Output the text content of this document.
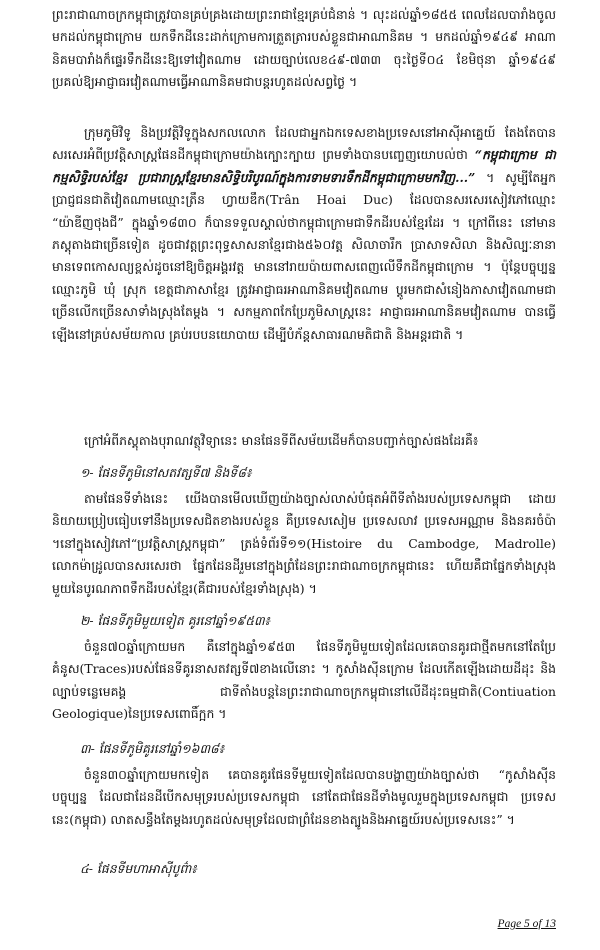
ព្រះរាជាណាចក្រកម្ពុជាត្រូវបានគ្រប់គ្រងដោយព្រះរាជាខ្មែរគ្រប់ជំនាន់ ។ លុះដល់ឆ្នាំ១៨៥៥ ពេលដែលបារាំងចូលមកដល់កម្ពុជាក្រោម យកទឹកដីនេះដាក់ក្រោមការត្រួតត្រារបស់ខ្លួនជាអាណានិគម ។ មកដល់ឆ្នាំ១៩៤៩ អាណានិគមបារាំងក៏ផ្ទេរទឹកដីនេះឱ្យទៅវៀតណាម ដោយច្បាប់លេខ៤៩-៧៣៣ ចុះថ្ងៃទី០៤ ខែមិថុនា ឆ្នាំ១៩៤៩ ប្រគល់ឱ្យអាជ្ញាធរវៀតណាមធ្វើអាណានិគមជាបន្តរហូតដល់សព្វថ្ងៃ ។
ក្រុមភូមិវិទូ និងប្រវត្តិវិទូក្នុងសកលលោក ដែលជាអ្នកឯកទេសខាងប្រទេសនៅអាស៊ីអាគ្នេយ៍ តែងតែបានសរសេរអំពីប្រវត្តិសាស្ត្រផែនដីកម្ពុជាក្រោមយ៉ាងក្បោះក្បាយ ព្រមទាំងបានបញ្ចេញយោបល់ថា “កម្ពុជាក្រោម ជាកម្មសិទ្ធិរបស់ខ្មែរ ប្រជារាស្ត្រខ្មែរមានសិទ្ធិបរិបូរណ៍ក្នុងការទាមទារទឹកដីកម្ពុជាក្រោមមកវិញ...” ។ សូម្បីតែអ្នកប្រាជ្ញជនជាតិវៀតណាមឈ្មោះត្រឹន ហ្វាយឌឹក(Trân Hoai Duc) ដែលបានសរសេរសៀវភៅឈ្មោះ “យ៉ាឌីញថុងជី” ក្នុងឆ្នាំ១៨៣០ ក៏បានទទួលស្គាល់ថាកម្ពុជាក្រោមជាទឹកដីរបស់ខ្មែរដែរ ។ ក្រៅពីនេះ នៅមានភស្តុតាងជាច្រើនទៀត ដូចជាវត្តព្រះពុទ្ធសាសនាខ្មែរជាង៥៦០វត្ត សិលាចារឹក ប្រាសាទសិលា និងសិល្បៈនានាមានទេពកោសល្យខ្ពស់ដូចនៅឱ្យចិត្តអង្គរវត្ត មាននៅរាយប៉ាយពាសពេញលើទឹកដីកម្ពុជាក្រោម ។ ប៉ុន្តែបច្ចុប្បន្នឈ្មោះភូមិ ឃុំ ស្រុក ខេត្តជាភាសាខ្មែរ ត្រូវអាជ្ញាធរអាណានិគមវៀតណាម ប្តូរមកជាសំនៀងភាសាវៀតណាមជាច្រើនលើកច្រើនសាទាំងស្រុងតែម្តង ។ សកម្មភាពកែប្រែភូមិសាស្ត្រនេះ អាជ្ញាធរអាណានិគមវៀតណាម បានធ្វើឡើងនៅគ្រប់សម័យកាល គ្រប់របបនយោបាយ ដើម្បីបំភ័ន្តសាធារណមតិជាតិ និងអន្តរជាតិ ។
ក្រៅអំពីភស្តុតាងបុរាណវត្ថុវិទ្យានេះ មានផែនទីពីសម័យដើមក៏បានបញ្ជាក់ច្បាស់ផងដែរគឺ៖
១- ផែនទីភូមិនៅសតវត្សទី៧ និងទី៨៖
តាមផែនទីទាំងនេះ យើងបានមើលឃើញយ៉ាងច្បាស់លាស់បំផុតអំពីទីតាំងរបស់ប្រទេសកម្ពុជា ដោយនិយាយប្រៀបធៀបទៅនឹងប្រទេសជិតខាងរបស់ខ្លួន គឺប្រទេសសៀម ប្រទេសលាវ ប្រទេសអណ្ណាម និងនគរចំប៉ា ។នៅក្នុងសៀវភៅ“ប្រវត្តិសាស្ត្រកម្ពុជា” ត្រង់ទំព័រទី១១(Histoire du Cambodge, Madrolle) លោកម៉ាដ្រូលបានសរសេរថា ផ្នែកដែនដីរួមនៅក្នុងព្រំដែនព្រះរាជាណាចក្រកម្ពុជានេះ ហើយគឺជាផ្នែកទាំងស្រុងមួយនៃបូរណភាពទឹកដីរបស់ខ្មែរ(គឺជារបស់ខ្មែរទាំងស្រុង) ។
២- ផែនទីភូមិមួយទៀត គូរនៅឆ្នាំ១៩៥៣៖
ចំនួន៧០ឆ្នាំក្រោយមក គឺនៅក្នុងឆ្នាំ១៩៥៣ ផែនទីភូមិមួយទៀតដែលគេបានគូរជាថ្មីតមកនៅតែប្រែគំនូស(Traces)របស់ផែនទីគូរនាសតវត្សទី៧ខាងលើនោះ ។ កូសាំងស៊ីនក្រោម ដែលកើតឡើងដោយដីដុះ និងល្បាប់ទន្លេមេគង្គ ជាទីតាំងបន្តនៃព្រះរាជាណាចក្រកម្ពុជានៅលើដីដុះធម្មជាតិ(Contiuation Geologique)នៃប្រទេសពោធិ៍ក្អក ។
៣- ផែនទីភូមិគូរនៅឆ្នាំ១៦៣៨៖
ចំនួន៣០ឆ្នាំក្រោយមកទៀត គេបានគូរផែនទីមួយទៀតដែលបានបង្ហាញយ៉ាងច្បាស់ថា “កូសាំងស៊ីនបច្ចុប្បន្ន ដែលជាដែនដីបើកសមុទ្ររបស់ប្រទេសកម្ពុជា នៅតែជាផែនដីទាំងមូលរួមក្នុងប្រទេសកម្ពុជា ប្រទេសនេះ(កម្ពុជា) លាតសន្ធឹងតែម្តងរហូតដល់សមុទ្រដែលជាព្រំដែនខាងត្បូងនិងអាគ្នេយ៍របស់ប្រទេសនេះ” ។
៤- ផែនទីមហាអាស៊ីបូព៌ា៖
Page 5 of 13
